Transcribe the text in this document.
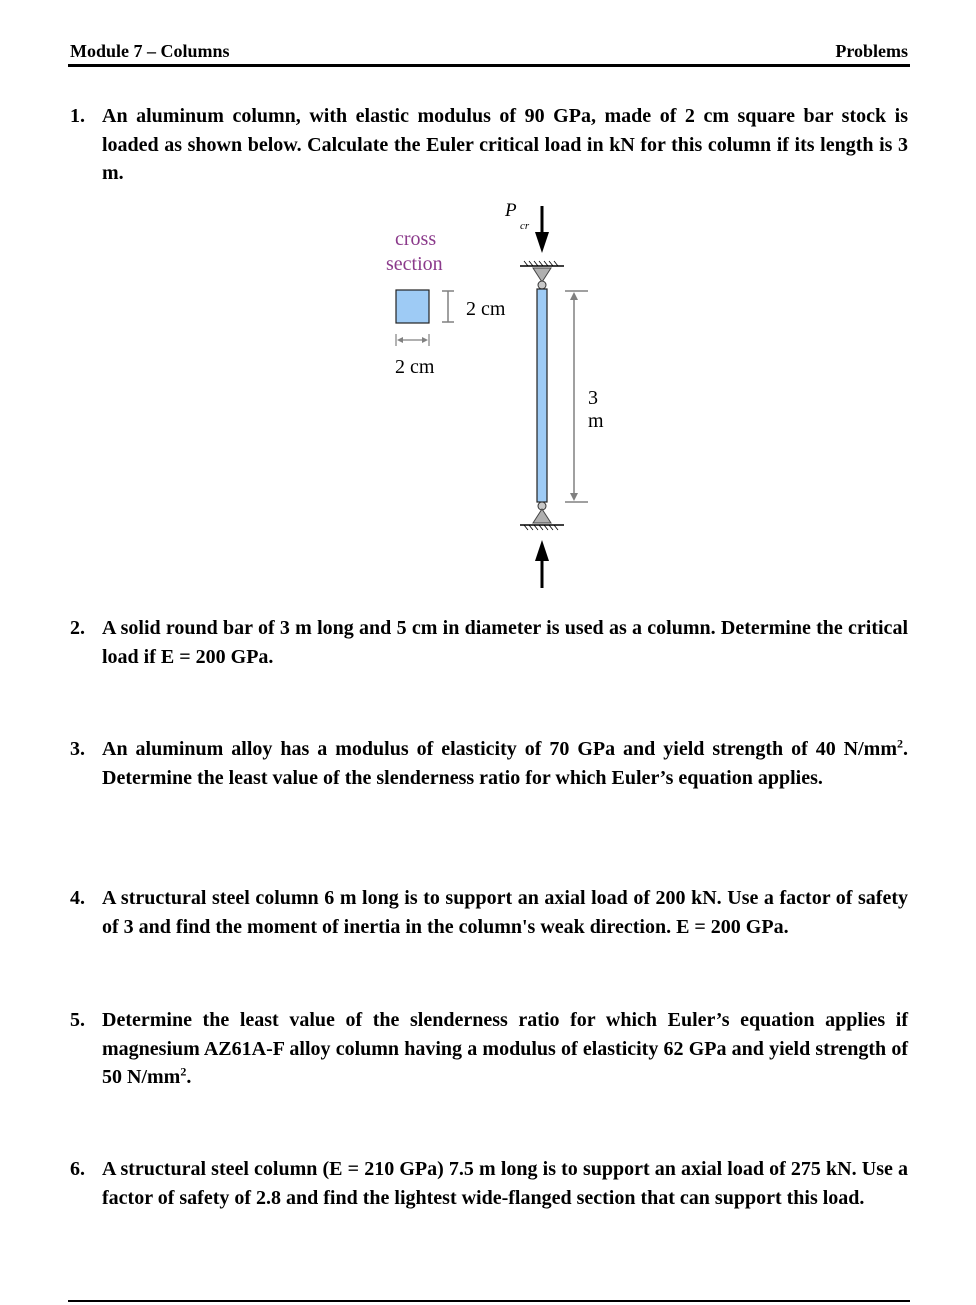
Module 7 – Columns	Problems
1. An aluminum column, with elastic modulus of 90 GPa, made of 2 cm square bar stock is loaded as shown below. Calculate the Euler critical load in kN for this column if its length is 3 m.
P
cr
cross
section
2 cm
2 cm
3 m
2. A solid round bar of 3 m long and 5 cm in diameter is used as a column. Determine the critical load if E = 200 GPa.
3. An aluminum alloy has a modulus of elasticity of 70 GPa and yield strength of 40 $N/mm^2$. Determine the least value of the slenderness ratio for which Euler’s equation applies.
4. A structural steel column 6 m long is to support an axial load of 200 kN. Use a factor of safety of 3 and find the moment of inertia in the column's weak direction. E = 200 GPa.
5. Determine the least value of the slenderness ratio for which Euler’s equation applies if magnesium AZ61A-F alloy column having a modulus of elasticity 62 GPa and yield strength of 50 $N/mm^2$.
6. A structural steel column (E = 210 GPa) 7.5 m long is to support an axial load of 275 kN. Use a factor of safety of 2.8 and find the lightest wide-flanged section that can support this load.
